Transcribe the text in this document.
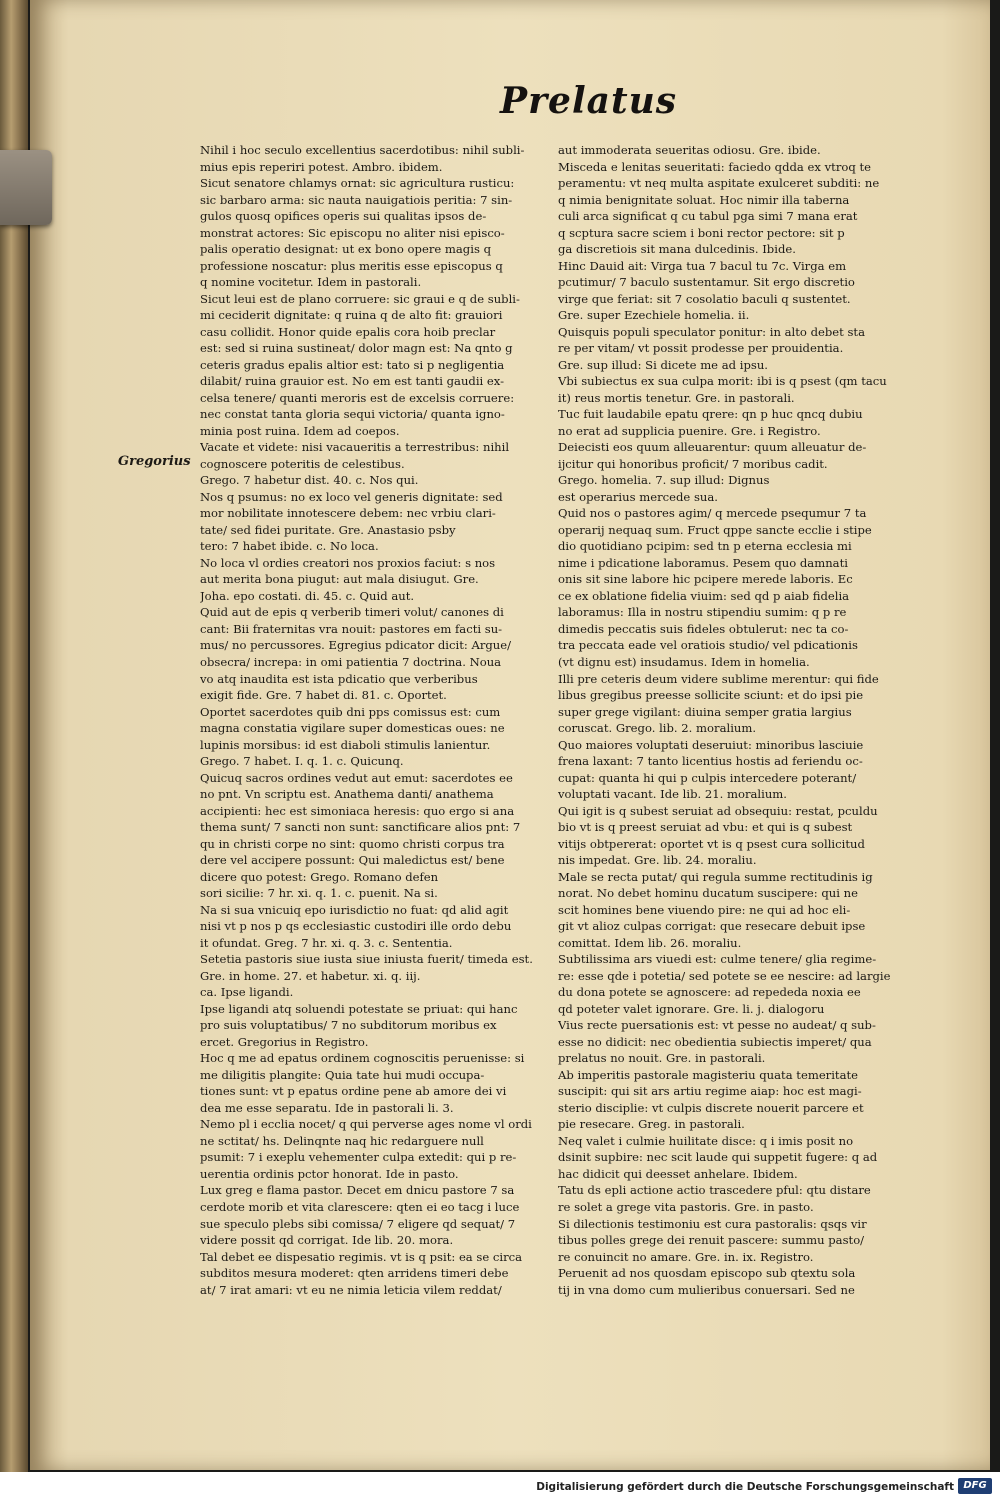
Prelatus
Gregorius

Nihil i hoc seculo excellentius sacerdotibus: nihil subli-

mius epis reperiri potest. Ambro. ibidem.

Sicut senatore chlamys ornat: sic agricultura rusticu:

sic barbaro arma: sic nauta nauigatiois peritia: 7 sin-

gulos quosq opifices operis sui qualitas ipsos de-

monstrat actores: Sic episcopu no aliter nisi episco-

palis operatio designat: ut ex bono opere magis q

professione noscatur: plus meritis esse episcopus q

q nomine vocitetur. Idem in pastorali.

Sicut leui est de plano corruere: sic graui e q de subli-

mi ceciderit dignitate: q ruina q de alto fit: grauiori

casu collidit. Honor quide epalis cora hoib preclar

est: sed si ruina sustineat/ dolor magn est: Na qnto g

ceteris gradus epalis altior est: tato si p negligentia

dilabit/ ruina grauior est. No em est tanti gaudii ex-

celsa tenere/ quanti meroris est de excelsis corruere:

nec constat tanta gloria sequi victoria/ quanta igno-

minia post ruina. Idem ad coepos.

Vacate et videte: nisi vacaueritis a terrestribus: nihil

cognoscere poteritis de celestibus.

Grego. 7 habetur dist. 40. c. Nos qui.

Nos q psumus: no ex loco vel generis dignitate: sed

mor nobilitate innotescere debem: nec vrbiu clari-

tate/ sed fidei puritate. Gre. Anastasio psby

tero: 7 habet ibide. c. No loca.

No loca vl ordies creatori nos proxios faciut: s nos

aut merita bona piugut: aut mala disiugut. Gre.

Joha. epo costati. di. 45. c. Quid aut.

Quid aut de epis q verberib timeri volut/ canones di

cant: Bii fraternitas vra nouit: pastores em facti su-

mus/ no percussores. Egregius pdicator dicit: Argue/

obsecra/ increpa: in omi patientia 7 doctrina. Noua

vo atq inaudita est ista pdicatio que verberibus

exigit fide. Gre. 7 habet di. 81. c. Oportet.

Oportet sacerdotes quib dni pps comissus est: cum

magna constatia vigilare super domesticas oues: ne

lupinis morsibus: id est diaboli stimulis lanientur.

Grego. 7 habet. I. q. 1. c. Quicunq.

Quicuq sacros ordines vedut aut emut: sacerdotes ee

no pnt. Vn scriptu est. Anathema danti/ anathema

accipienti: hec est simoniaca heresis: quo ergo si ana

thema sunt/ 7 sancti non sunt: sanctificare alios pnt: 7

qu in christi corpe no sint: quomo christi corpus tra

dere vel accipere possunt: Qui maledictus est/ bene

dicere quo potest: Grego. Romano defen

sori sicilie: 7 hr. xi. q. 1. c. puenit. Na si.

Na si sua vnicuiq epo iurisdictio no fuat: qd alid agit

nisi vt p nos p qs ecclesiastic custodiri ille ordo debu

it ofundat. Greg. 7 hr. xi. q. 3. c. Sententia.

Setetia pastoris siue iusta siue iniusta fuerit/ timeda est.

Gre. in home. 27. et habetur. xi. q. iij.

ca. Ipse ligandi.

Ipse ligandi atq soluendi potestate se priuat: qui hanc

pro suis voluptatibus/ 7 no subditorum moribus ex

ercet. Gregorius in Registro.

Hoc q me ad epatus ordinem cognoscitis peruenisse: si

me diligitis plangite: Quia tate hui mudi occupa-

tiones sunt: vt p epatus ordine pene ab amore dei vi

dea me esse separatu. Ide in pastorali li. 3.

Nemo pl i ecclia nocet/ q qui perverse ages nome vl ordi

ne sctitat/ hs. Delinqnte naq hic redarguere null

psumit: 7 i exeplu vehementer culpa extedit: qui p re-

uerentia ordinis pctor honorat. Ide in pasto.

Lux greg e flama pastor. Decet em dnicu pastore 7 sa

cerdote morib et vita clarescere: qten ei eo tacg i luce

sue speculo plebs sibi comissa/ 7 eligere qd sequat/ 7

videre possit qd corrigat. Ide lib. 20. mora.

Tal debet ee dispesatio regimis. vt is q psit: ea se circa

subditos mesura moderet: qten arridens timeri debe

at/ 7 irat amari: vt eu ne nimia leticia vilem reddat/

aut immoderata seueritas odiosu. Gre. ibide.

Misceda e lenitas seueritati: faciedo qdda ex vtroq te

peramentu: vt neq multa aspitate exulceret subditi: ne

q nimia benignitate soluat. Hoc nimir illa taberna

culi arca significat q cu tabul pga simi 7 mana erat

q scptura sacre sciem i boni rector pectore: sit p

ga discretiois sit mana dulcedinis. Ibide.

Hinc Dauid ait: Virga tua 7 bacul tu 7c. Virga em

pcutimur/ 7 baculo sustentamur. Sit ergo discretio

virge que feriat: sit 7 cosolatio baculi q sustentet.

Gre. super Ezechiele homelia. ii.

Quisquis populi speculator ponitur: in alto debet sta

re per vitam/ vt possit prodesse per prouidentia.

Gre. sup illud: Si dicete me ad ipsu.

Vbi subiectus ex sua culpa morit: ibi is q psest (qm tacu

it) reus mortis tenetur. Gre. in pastorali.

Tuc fuit laudabile epatu qrere: qn p huc qncq dubiu

no erat ad supplicia puenire. Gre. i Registro.

Deiecisti eos quum alleuarentur: quum alleuatur de-

ijcitur qui honoribus proficit/ 7 moribus cadit.

Grego. homelia. 7. sup illud: Dignus

est operarius mercede sua.

Quid nos o pastores agim/ q mercede psequmur 7 ta

operarij nequaq sum. Fruct qppe sancte ecclie i stipe

dio quotidiano pcipim: sed tn p eterna ecclesia mi

nime i pdicatione laboramus. Pesem quo damnati

onis sit sine labore hic pcipere merede laboris. Ec

ce ex oblatione fidelia viuim: sed qd p aiab fidelia

laboramus: Illa in nostru stipendiu sumim: q p re

dimedis peccatis suis fideles obtulerut: nec ta co-

tra peccata eade vel oratiois studio/ vel pdicationis

(vt dignu est) insudamus. Idem in homelia.

Illi pre ceteris deum videre sublime merentur: qui fide

libus gregibus preesse sollicite sciunt: et do ipsi pie

super grege vigilant: diuina semper gratia largius

coruscat. Grego. lib. 2. moralium.

Quo maiores voluptati deseruiut: minoribus lasciuie

frena laxant: 7 tanto licentius hostis ad feriendu oc-

cupat: quanta hi qui p culpis intercedere poterant/

voluptati vacant. Ide lib. 21. moralium.

Qui igit is q subest seruiat ad obsequiu: restat, pculdu

bio vt is q preest seruiat ad vbu: et qui is q subest

vitijs obtpererat: oportet vt is q psest cura sollicitud

nis impedat. Gre. lib. 24. moraliu.

Male se recta putat/ qui regula summe rectitudinis ig

norat. No debet hominu ducatum suscipere: qui ne

scit homines bene viuendo pire: ne qui ad hoc eli-

git vt alioz culpas corrigat: que resecare debuit ipse

comittat. Idem lib. 26. moraliu.

Subtilissima ars viuedi est: culme tenere/ glia regime-

re: esse qde i potetia/ sed potete se ee nescire: ad largie

du dona potete se agnoscere: ad repededa noxia ee

qd poteter valet ignorare. Gre. li. j. dialogoru

Vius recte puersationis est: vt pesse no audeat/ q sub-

esse no didicit: nec obedientia subiectis imperet/ qua

prelatus no nouit. Gre. in pastorali.

Ab imperitis pastorale magisteriu quata temeritate

suscipit: qui sit ars artiu regime aiap: hoc est magi-

sterio disciplie: vt culpis discrete nouerit parcere et

pie resecare. Greg. in pastorali.

Neq valet i culmie huilitate disce: q i imis posit no

dsinit supbire: nec scit laude qui suppetit fugere: q ad

hac didicit qui deesset anhelare. Ibidem.

Tatu ds epli actione actio trascedere pful: qtu distare

re solet a grege vita pastoris. Gre. in pasto.

Si dilectionis testimoniu est cura pastoralis: qsqs vir

tibus polles grege dei renuit pascere: summu pasto/

re conuincit no amare. Gre. in. ix. Registro.

Peruenit ad nos quosdam episcopo sub qtextu sola

tij in vna domo cum mulieribus conuersari. Sed ne

Digitalisierung gefördert durch die Deutsche Forschungsgemeinschaft DFG
